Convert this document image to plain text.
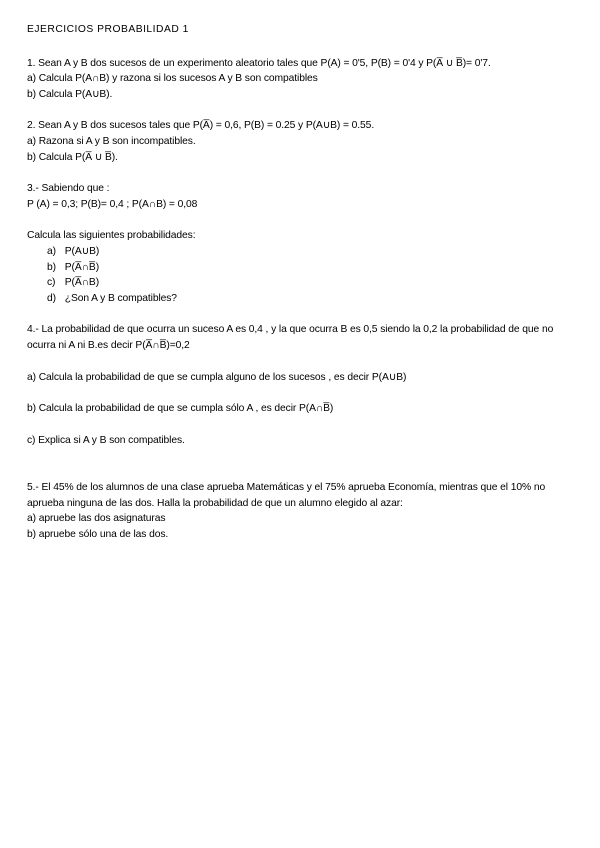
EJERCICIOS PROBABILIDAD 1
1. Sean A y B dos sucesos de un experimento aleatorio tales que P(A) = 0'5, P(B) = 0'4 y P(A̅ ∪ B̅)= 0'7.
a) Calcula P(A∩B) y razona si los sucesos A y B son compatibles
b) Calcula P(A∪B).
2. Sean A y B dos sucesos tales que P(A̅) = 0,6, P(B) = 0.25 y P(A∪B) = 0.55.
a) Razona si A y B son incompatibles.
b) Calcula P(A̅ ∪ B̅).
3.- Sabiendo que :
P (A) = 0,3; P(B)= 0,4 ; P(A∩B) = 0,08
Calcula las siguientes probabilidades:
a) P(A∪B)
b) P(A̅∩B̅)
c) P(A̅∩B)
d) ¿Son A y B compatibles?
4.- La probabilidad de que ocurra un suceso A es 0,4 , y la que ocurra B es 0,5 siendo la 0,2 la probabilidad de que no ocurra ni A ni B.es decir P(A̅∩B̅)=0,2
a) Calcula la probabilidad de que se cumpla alguno de los sucesos , es decir P(A∪B)
b) Calcula la probabilidad de que se cumpla sólo A , es decir P(A∩B̅)
c) Explica si A y B son compatibles.
5.- El 45% de los alumnos de una clase aprueba Matemáticas y el 75% aprueba Economía, mientras que el 10% no aprueba ninguna de las dos. Halla la probabilidad de que un alumno elegido al azar:
a) apruebe las dos asignaturas
b) apruebe sólo una de las dos.
